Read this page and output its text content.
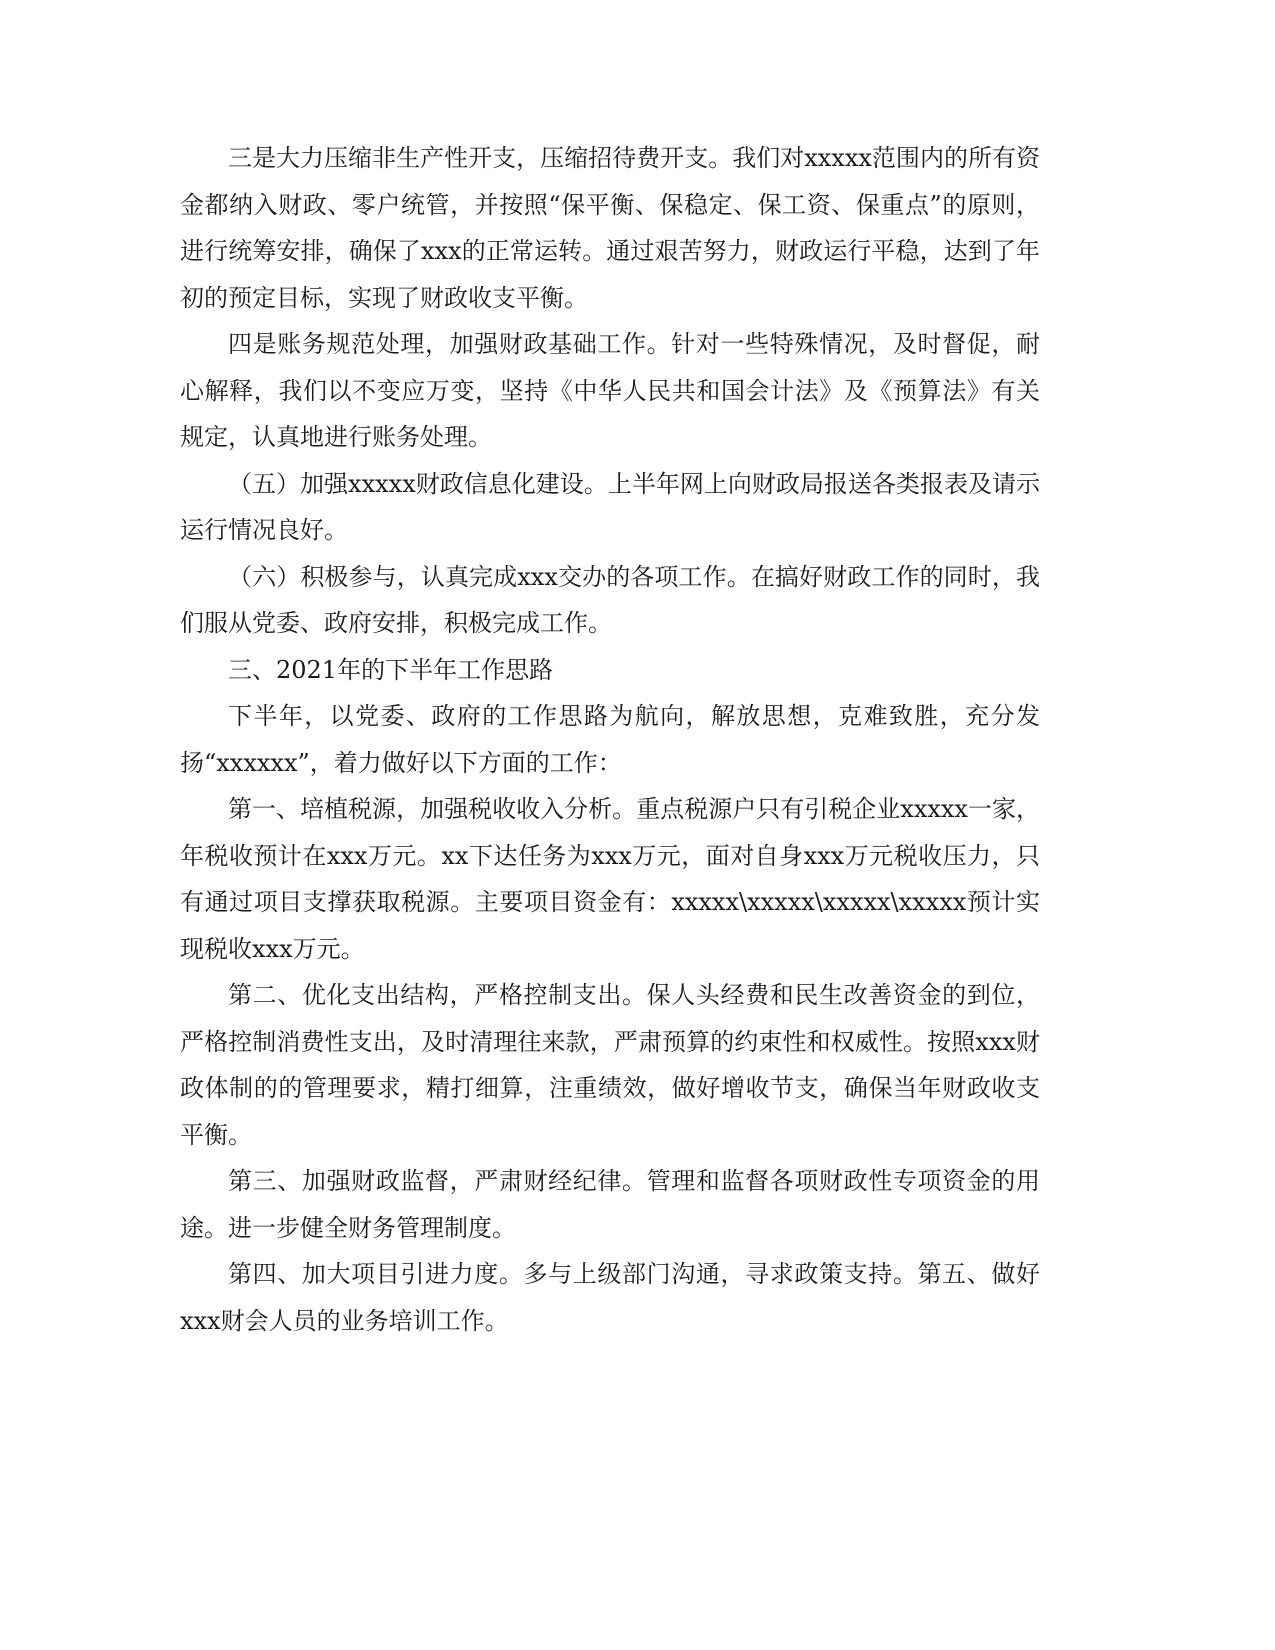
三是大力压缩非生产性开支，压缩招待费开支。我们对xxxxx范围内的所有资金都纳入财政、零户统管，并按照“保平衡、保稳定、保工资、保重点”的原则，进行统筹安排，确保了xxx的正常运转。通过艰苦努力，财政运行平稳，达到了年初的预定目标，实现了财政收支平衡。

四是账务规范处理，加强财政基础工作。针对一些特殊情况，及时督促，耐心解释，我们以不变应万变，坚持《中华人民共和国会计法》及《预算法》有关规定，认真地进行账务处理。

（五）加强xxxxx财政信息化建设。上半年网上向财政局报送各类报表及请示运行情况良好。

（六）积极参与，认真完成xxx交办的各项工作。在搞好财政工作的同时，我们服从党委、政府安排，积极完成工作。

三、2021年的下半年工作思路

下半年，以党委、政府的工作思路为航向，解放思想，克难致胜，充分发扬“xxxxxx”，着力做好以下方面的工作：

第一、培植税源，加强税收收入分析。重点税源户只有引税企业xxxxx一家，年税收预计在xxx万元。xx下达任务为xxx万元，面对自身xxx万元税收压力，只有通过项目支撑获取税源。主要项目资金有：xxxxx\xxxxx\xxxxx\xxxxx预计实现税收xxx万元。

第二、优化支出结构，严格控制支出。保人头经费和民生改善资金的到位，严格控制消费性支出，及时清理往来款，严肃预算的约束性和权威性。按照xxx财政体制的的管理要求，精打细算，注重绩效，做好增收节支，确保当年财政收支平衡。

第三、加强财政监督，严肃财经纪律。管理和监督各项财政性专项资金的用途。进一步健全财务管理制度。

第四、加大项目引进力度。多与上级部门沟通，寻求政策支持。第五、做好xxx财会人员的业务培训工作。
